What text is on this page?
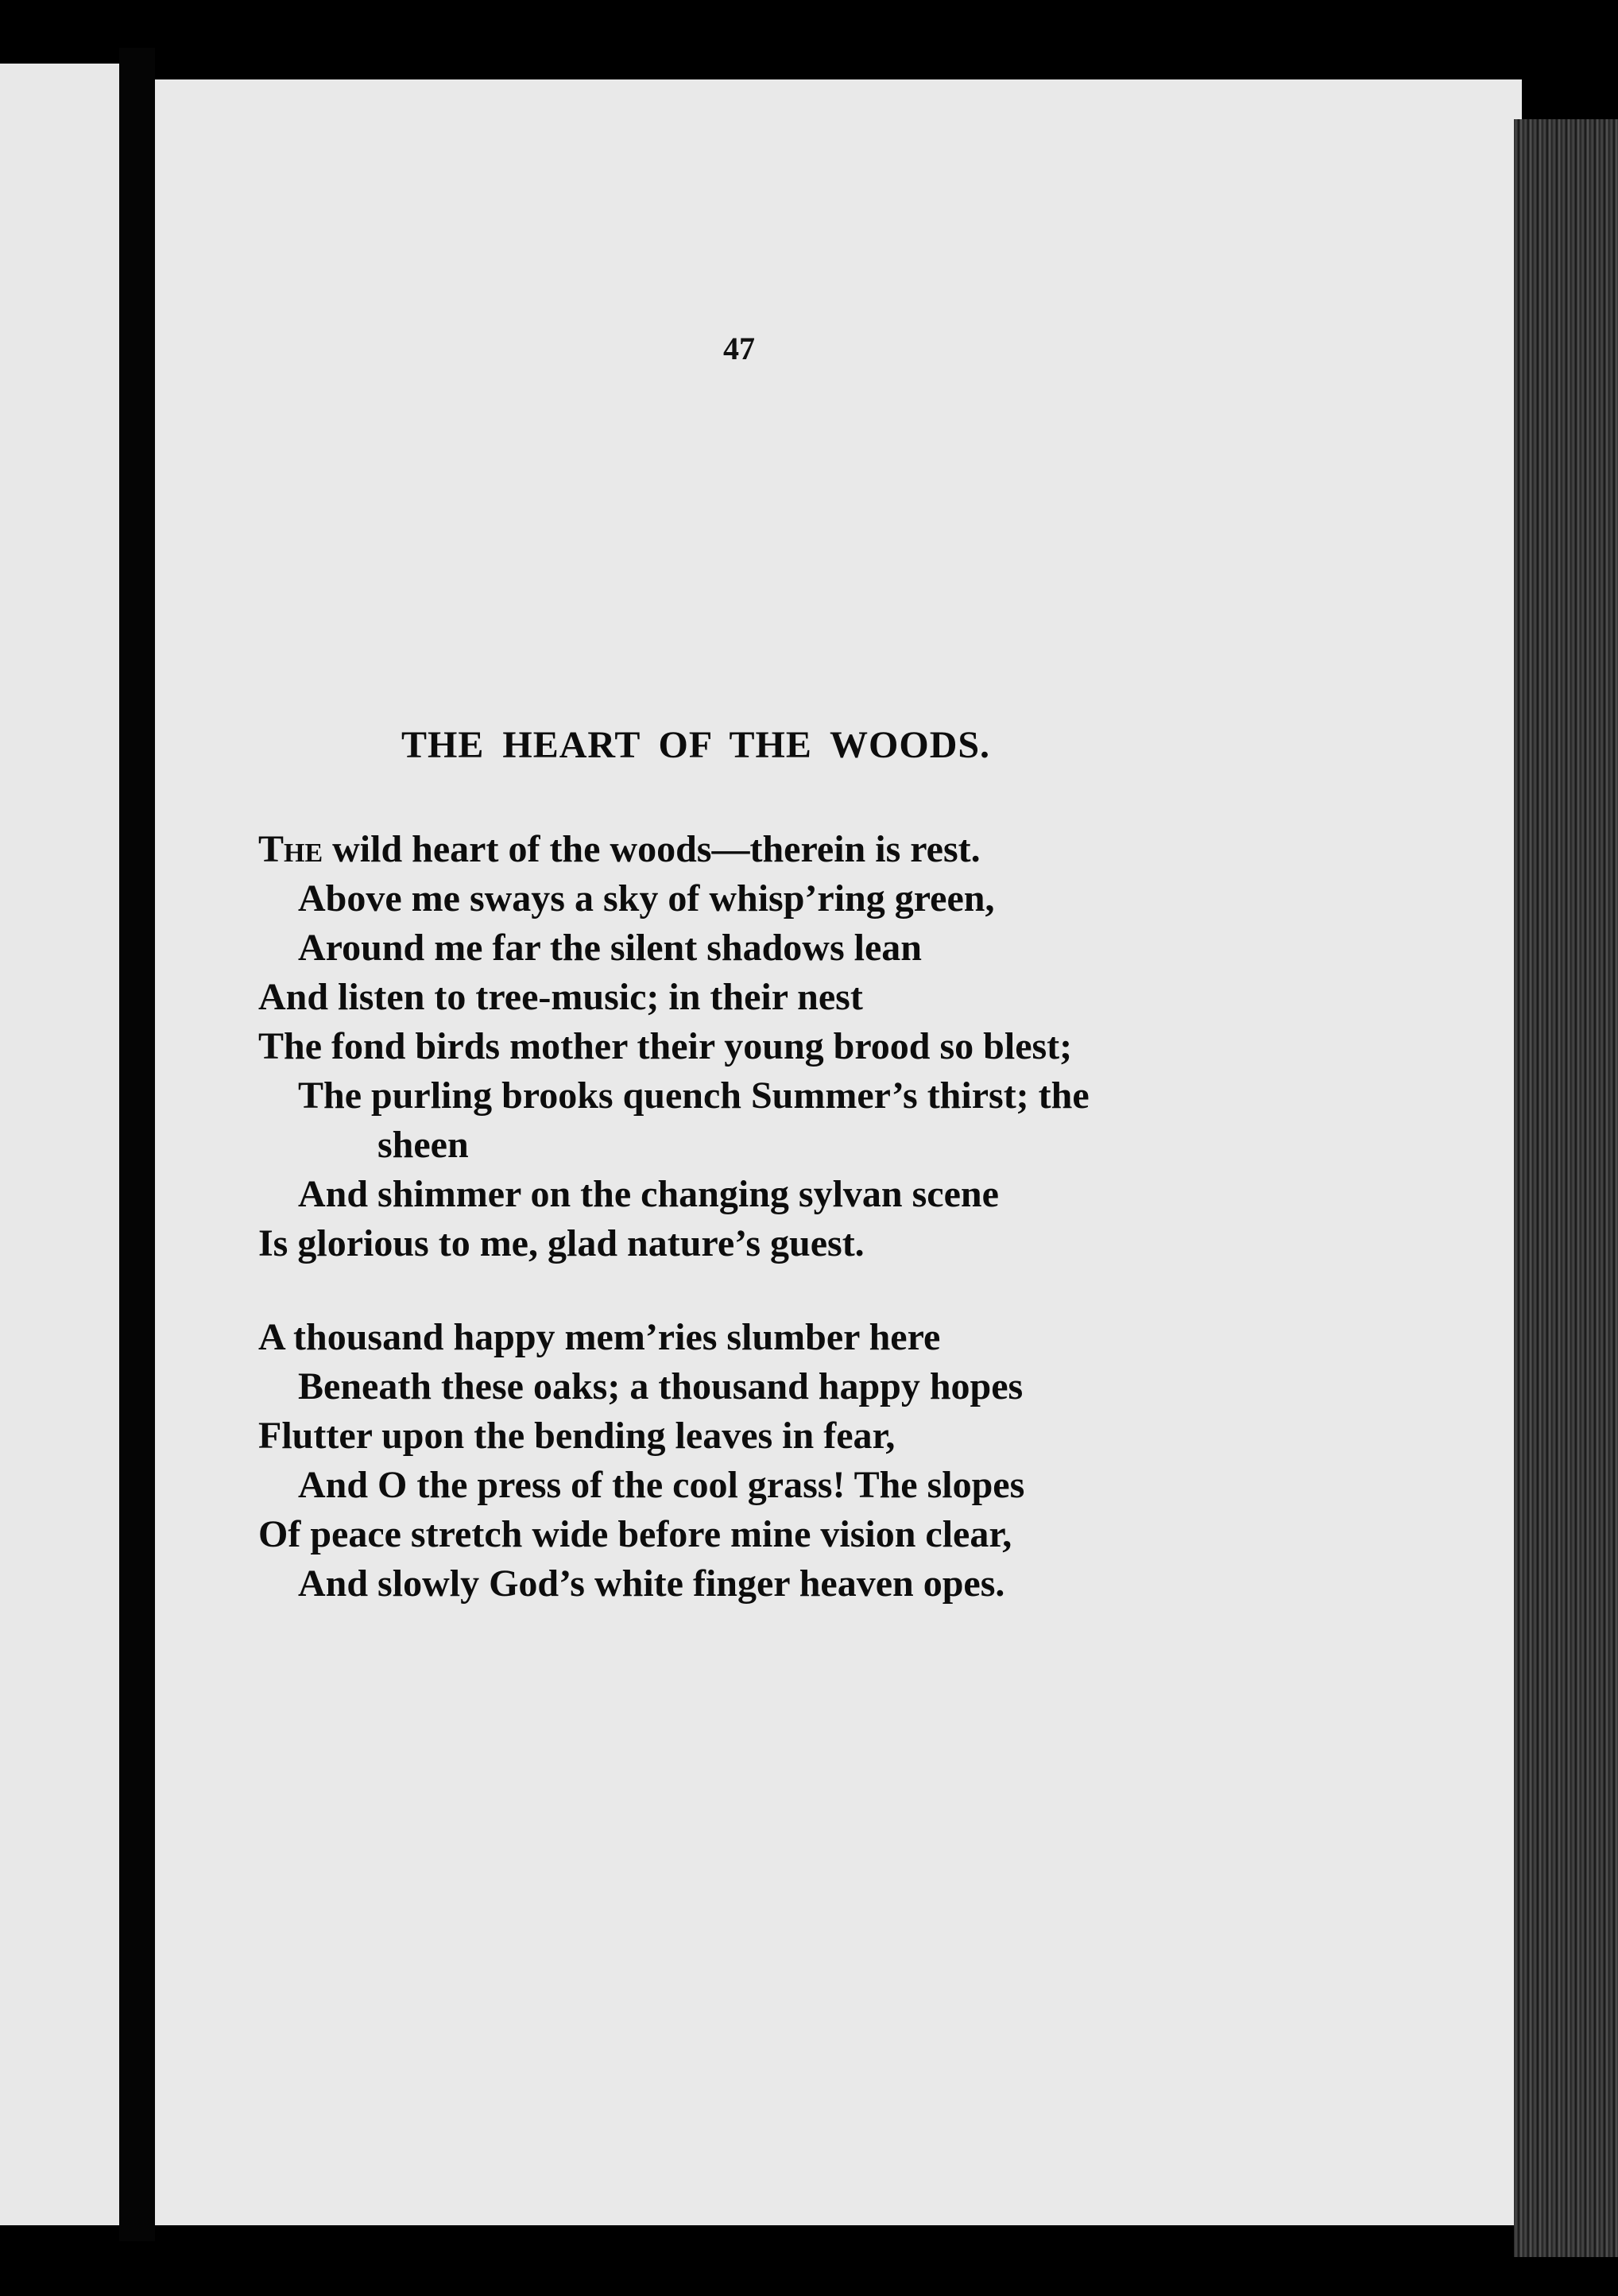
47
THE HEART OF THE WOODS.
The wild heart of the woods—therein is rest.
Above me sways a sky of whisp’ring green,
Around me far the silent shadows lean
And listen to tree-music; in their nest
The fond birds mother their young brood so blest;
The purling brooks quench Summer’s thirst; the
sheen
And shimmer on the changing sylvan scene
Is glorious to me, glad nature’s guest.
A thousand happy mem’ries slumber here
Beneath these oaks; a thousand happy hopes
Flutter upon the bending leaves in fear,
And O the press of the cool grass! The slopes
Of peace stretch wide before mine vision clear,
And slowly God’s white finger heaven opes.
